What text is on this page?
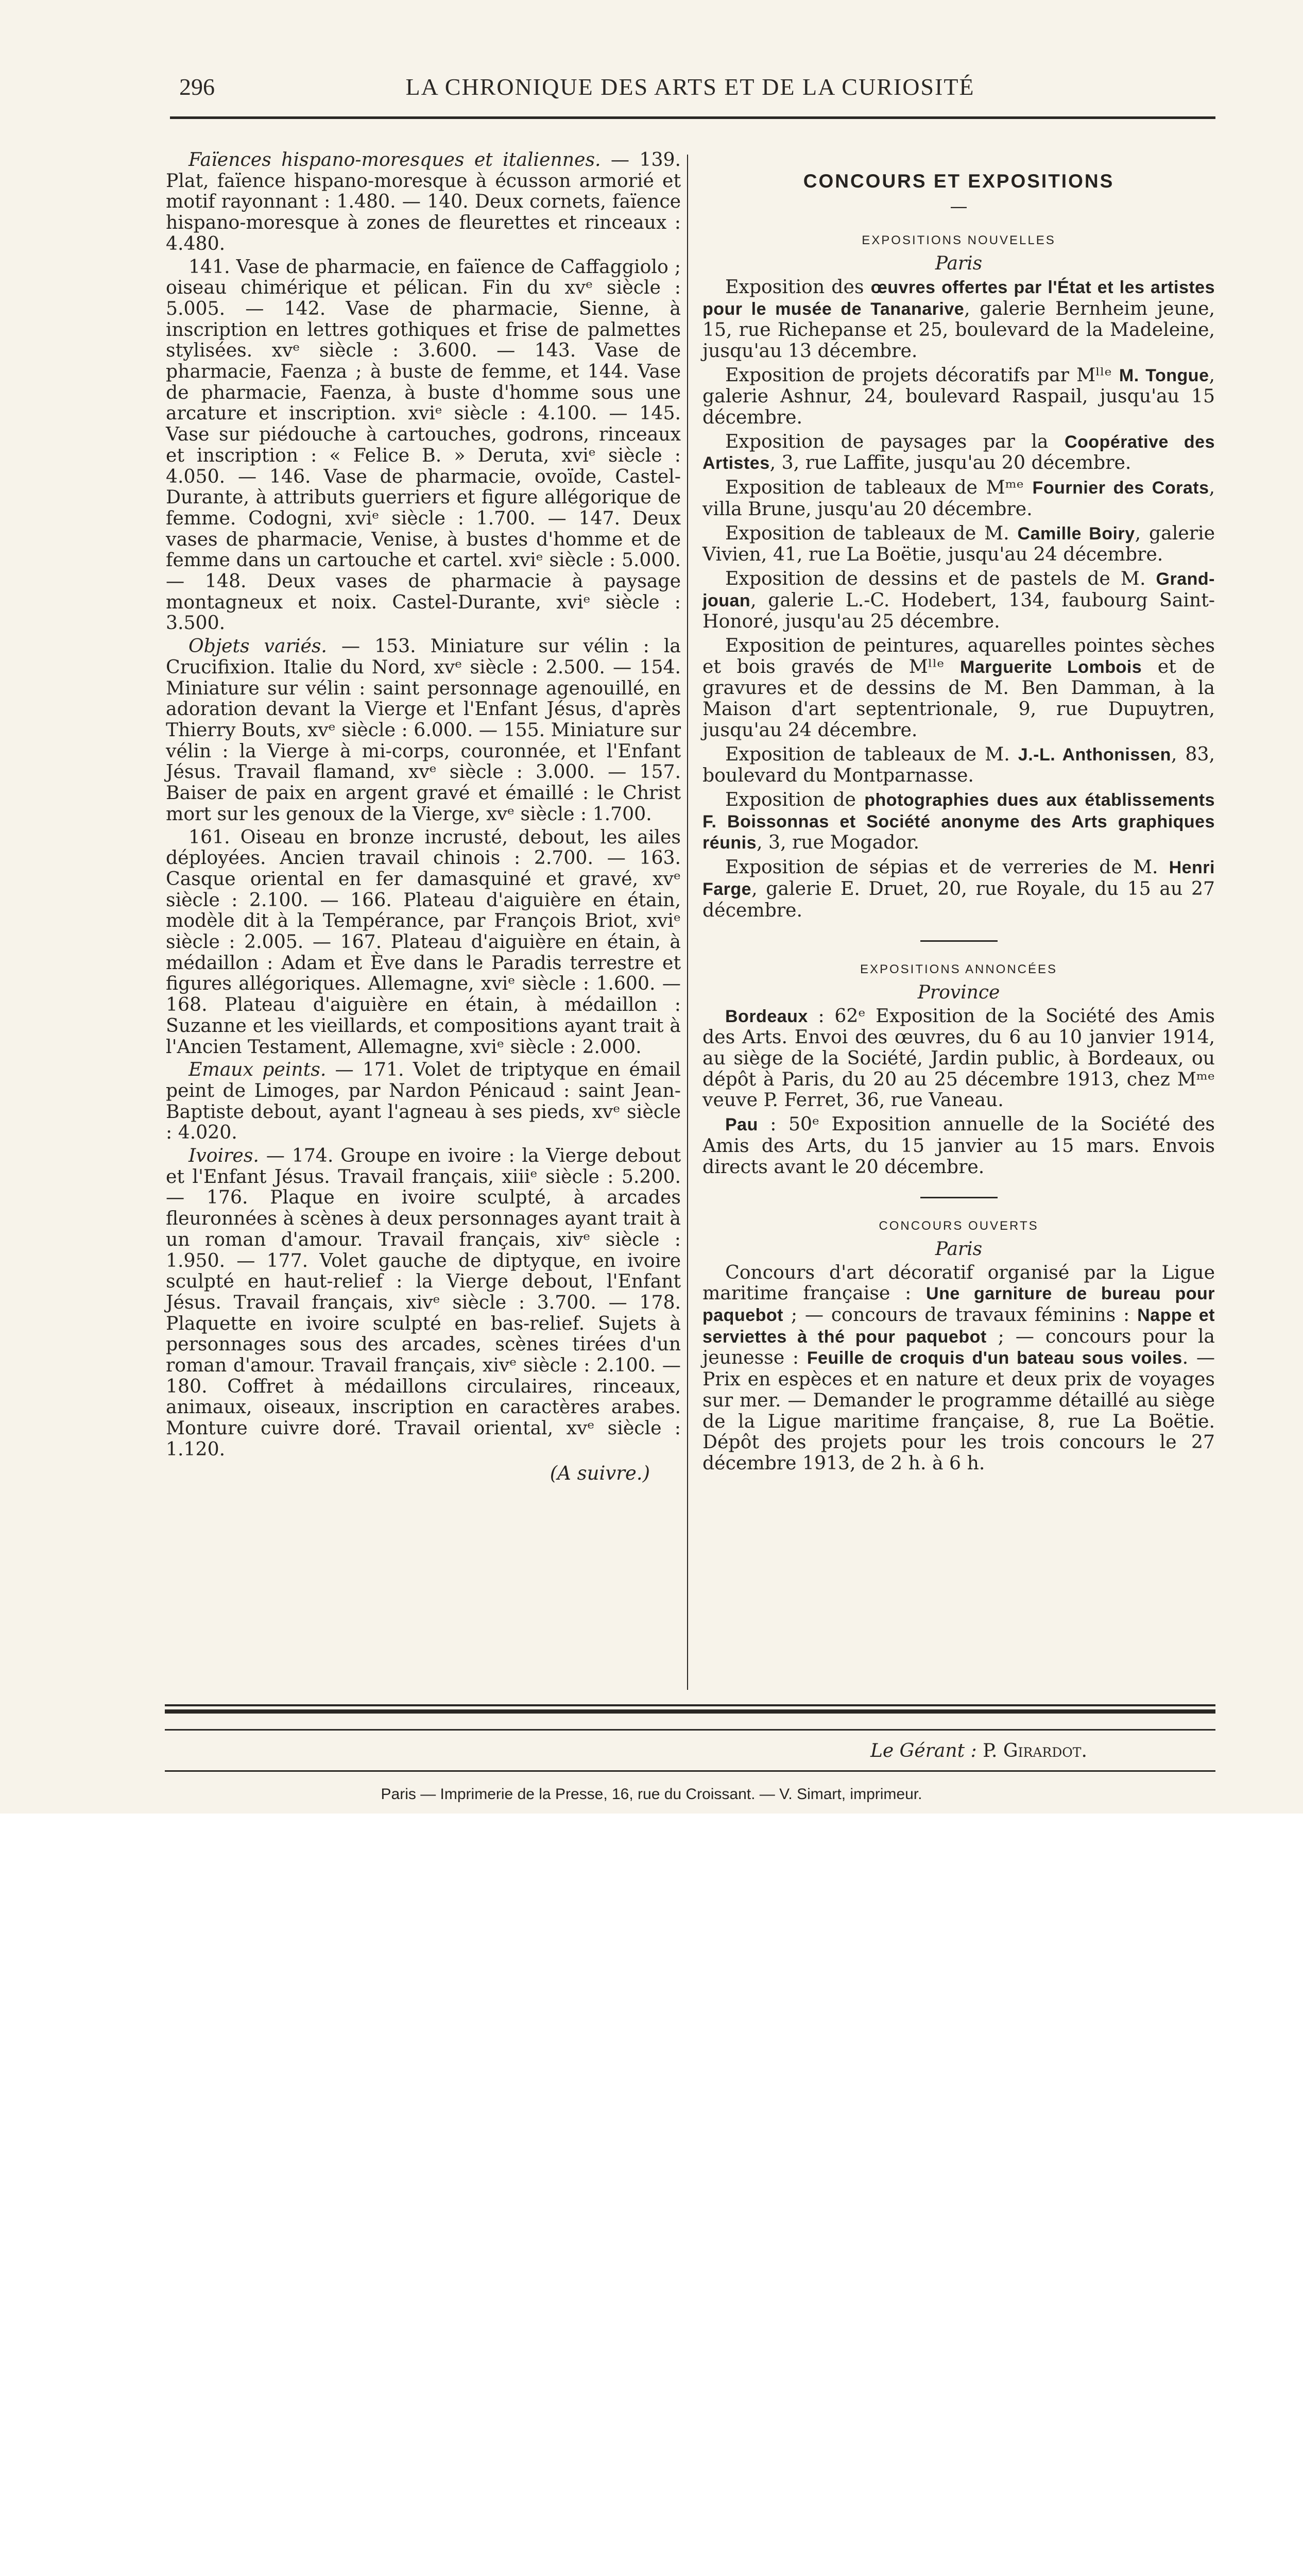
296	LA CHRONIQUE DES ARTS ET DE LA CURIOSITÉ

Faïences hispano-moresques et italiennes. — 139. Plat, faïence hispano-moresque à écusson armorié et motif rayonnant : 1.480. — 140. Deux cornets, faïence hispano-moresque à zones de fleurettes et rinceaux : 4.480.

141. Vase de pharmacie, en faïence de Caffaggiolo ; oiseau chimérique et pélican. Fin du xvᵉ siècle : 5.005. — 142. Vase de pharmacie, Sienne, à inscription en lettres gothiques et frise de palmettes stylisées. xvᵉ siècle : 3.600. — 143. Vase de pharmacie, Faenza ; à buste de femme, et 144. Vase de pharmacie, Faenza, à buste d'homme sous une arcature et inscription. xviᵉ siècle : 4.100. — 145. Vase sur piédouche à cartouches, godrons, rinceaux et inscription : « Felice B. » Deruta, xviᵉ siècle : 4.050. — 146. Vase de pharmacie, ovoïde, Castel-Durante, à attributs guerriers et figure allégorique de femme. Codogni, xviᵉ siècle : 1.700. — 147. Deux vases de pharmacie, Venise, à bustes d'homme et de femme dans un cartouche et cartel. xviᵉ siècle : 5.000. — 148. Deux vases de pharmacie à paysage montagneux et noix. Castel-Durante, xviᵉ siècle : 3.500.

Objets variés. — 153. Miniature sur vélin : la Crucifixion. Italie du Nord, xvᵉ siècle : 2.500. — 154. Miniature sur vélin : saint personnage agenouillé, en adoration devant la Vierge et l'Enfant Jésus, d'après Thierry Bouts, xvᵉ siècle : 6.000. — 155. Miniature sur vélin : la Vierge à mi-corps, couronnée, et l'Enfant Jésus. Travail flamand, xvᵉ siècle : 3.000. — 157. Baiser de paix en argent gravé et émaillé : le Christ mort sur les genoux de la Vierge, xvᵉ siècle : 1.700.

161. Oiseau en bronze incrusté, debout, les ailes déployées. Ancien travail chinois : 2.700. — 163. Casque oriental en fer damasquiné et gravé, xvᵉ siècle : 2.100. — 166. Plateau d'aiguière en étain, modèle dit à la Tempérance, par François Briot, xviᵉ siècle : 2.005. — 167. Plateau d'aiguière en étain, à médaillon : Adam et Ève dans le Paradis terrestre et figures allégoriques. Allemagne, xviᵉ siècle : 1.600. — 168. Plateau d'aiguière en étain, à médaillon : Suzanne et les vieillards, et compositions ayant trait à l'Ancien Testament, Allemagne, xviᵉ siècle : 2.000.

Emaux peints. — 171. Volet de triptyque en émail peint de Limoges, par Nardon Pénicaud : saint Jean-Baptiste debout, ayant l'agneau à ses pieds, xvᵉ siècle : 4.020.

Ivoires. — 174. Groupe en ivoire : la Vierge debout et l'Enfant Jésus. Travail français, xiiiᵉ siècle : 5.200. — 176. Plaque en ivoire sculpté, à arcades fleuronnées à scènes à deux personnages ayant trait à un roman d'amour. Travail français, xivᵉ siècle : 1.950. — 177. Volet gauche de diptyque, en ivoire sculpté en haut-relief : la Vierge debout, l'Enfant Jésus. Travail français, xivᵉ siècle : 3.700. — 178. Plaquette en ivoire sculpté en bas-relief. Sujets à personnages sous des arcades, scènes tirées d'un roman d'amour. Travail français, xivᵉ siècle : 2.100. — 180. Coffret à médaillons circulaires, rinceaux, animaux, oiseaux, inscription en caractères arabes. Monture cuivre doré. Travail oriental, xvᵉ siècle : 1.120.

(A suivre.)
CONCOURS ET EXPOSITIONS
—
EXPOSITIONS NOUVELLES
Paris

Exposition des œuvres offertes par l'État et les artistes pour le musée de Tananarive, galerie Bernheim jeune, 15, rue Richepanse et 25, boulevard de la Madeleine, jusqu'au 13 décembre.

Exposition de projets décoratifs par Mˡˡᵉ M. Tongue, galerie Ashnur, 24, boulevard Raspail, jusqu'au 15 décembre.

Exposition de paysages par la Coopérative des Artistes, 3, rue Laffite, jusqu'au 20 décembre.

Exposition de tableaux de Mᵐᵉ Fournier des Corats, villa Brune, jusqu'au 20 décembre.

Exposition de tableaux de M. Camille Boiry, galerie Vivien, 41, rue La Boëtie, jusqu'au 24 décembre.

Exposition de dessins et de pastels de M. Grand-jouan, galerie L.-C. Hodebert, 134, faubourg Saint-Honoré, jusqu'au 25 décembre.

Exposition de peintures, aquarelles pointes sèches et bois gravés de Mˡˡᵉ Marguerite Lombois et de gravures et de dessins de M. Ben Damman, à la Maison d'art septentrionale, 9, rue Dupuytren, jusqu'au 24 décembre.

Exposition de tableaux de M. J.-L. Anthonissen, 83, boulevard du Montparnasse.

Exposition de photographies dues aux établissements F. Boissonnas et Société anonyme des Arts graphiques réunis, 3, rue Mogador.

Exposition de sépias et de verreries de M. Henri Farge, galerie E. Druet, 20, rue Royale, du 15 au 27 décembre.

EXPOSITIONS ANNONCÉES
Province

Bordeaux : 62ᵉ Exposition de la Société des Amis des Arts. Envoi des œuvres, du 6 au 10 janvier 1914, au siège de la Société, Jardin public, à Bordeaux, ou dépôt à Paris, du 20 au 25 décembre 1913, chez Mᵐᵉ veuve P. Ferret, 36, rue Vaneau.

Pau : 50ᵉ Exposition annuelle de la Société des Amis des Arts, du 15 janvier au 15 mars. Envois directs avant le 20 décembre.

CONCOURS OUVERTS
Paris

Concours d'art décoratif organisé par la Ligue maritime française : Une garniture de bureau pour paquebot ; — concours de travaux féminins : Nappe et serviettes à thé pour paquebot ; — concours pour la jeunesse : Feuille de croquis d'un bateau sous voiles. — Prix en espèces et en nature et deux prix de voyages sur mer. — Demander le programme détaillé au siège de la Ligue maritime française, 8, rue La Boëtie. Dépôt des projets pour les trois concours le 27 décembre 1913, de 2 h. à 6 h.

Le Gérant : P. Girardot.
Paris — Imprimerie de la Presse, 16, rue du Croissant. — V. Simart, imprimeur.
